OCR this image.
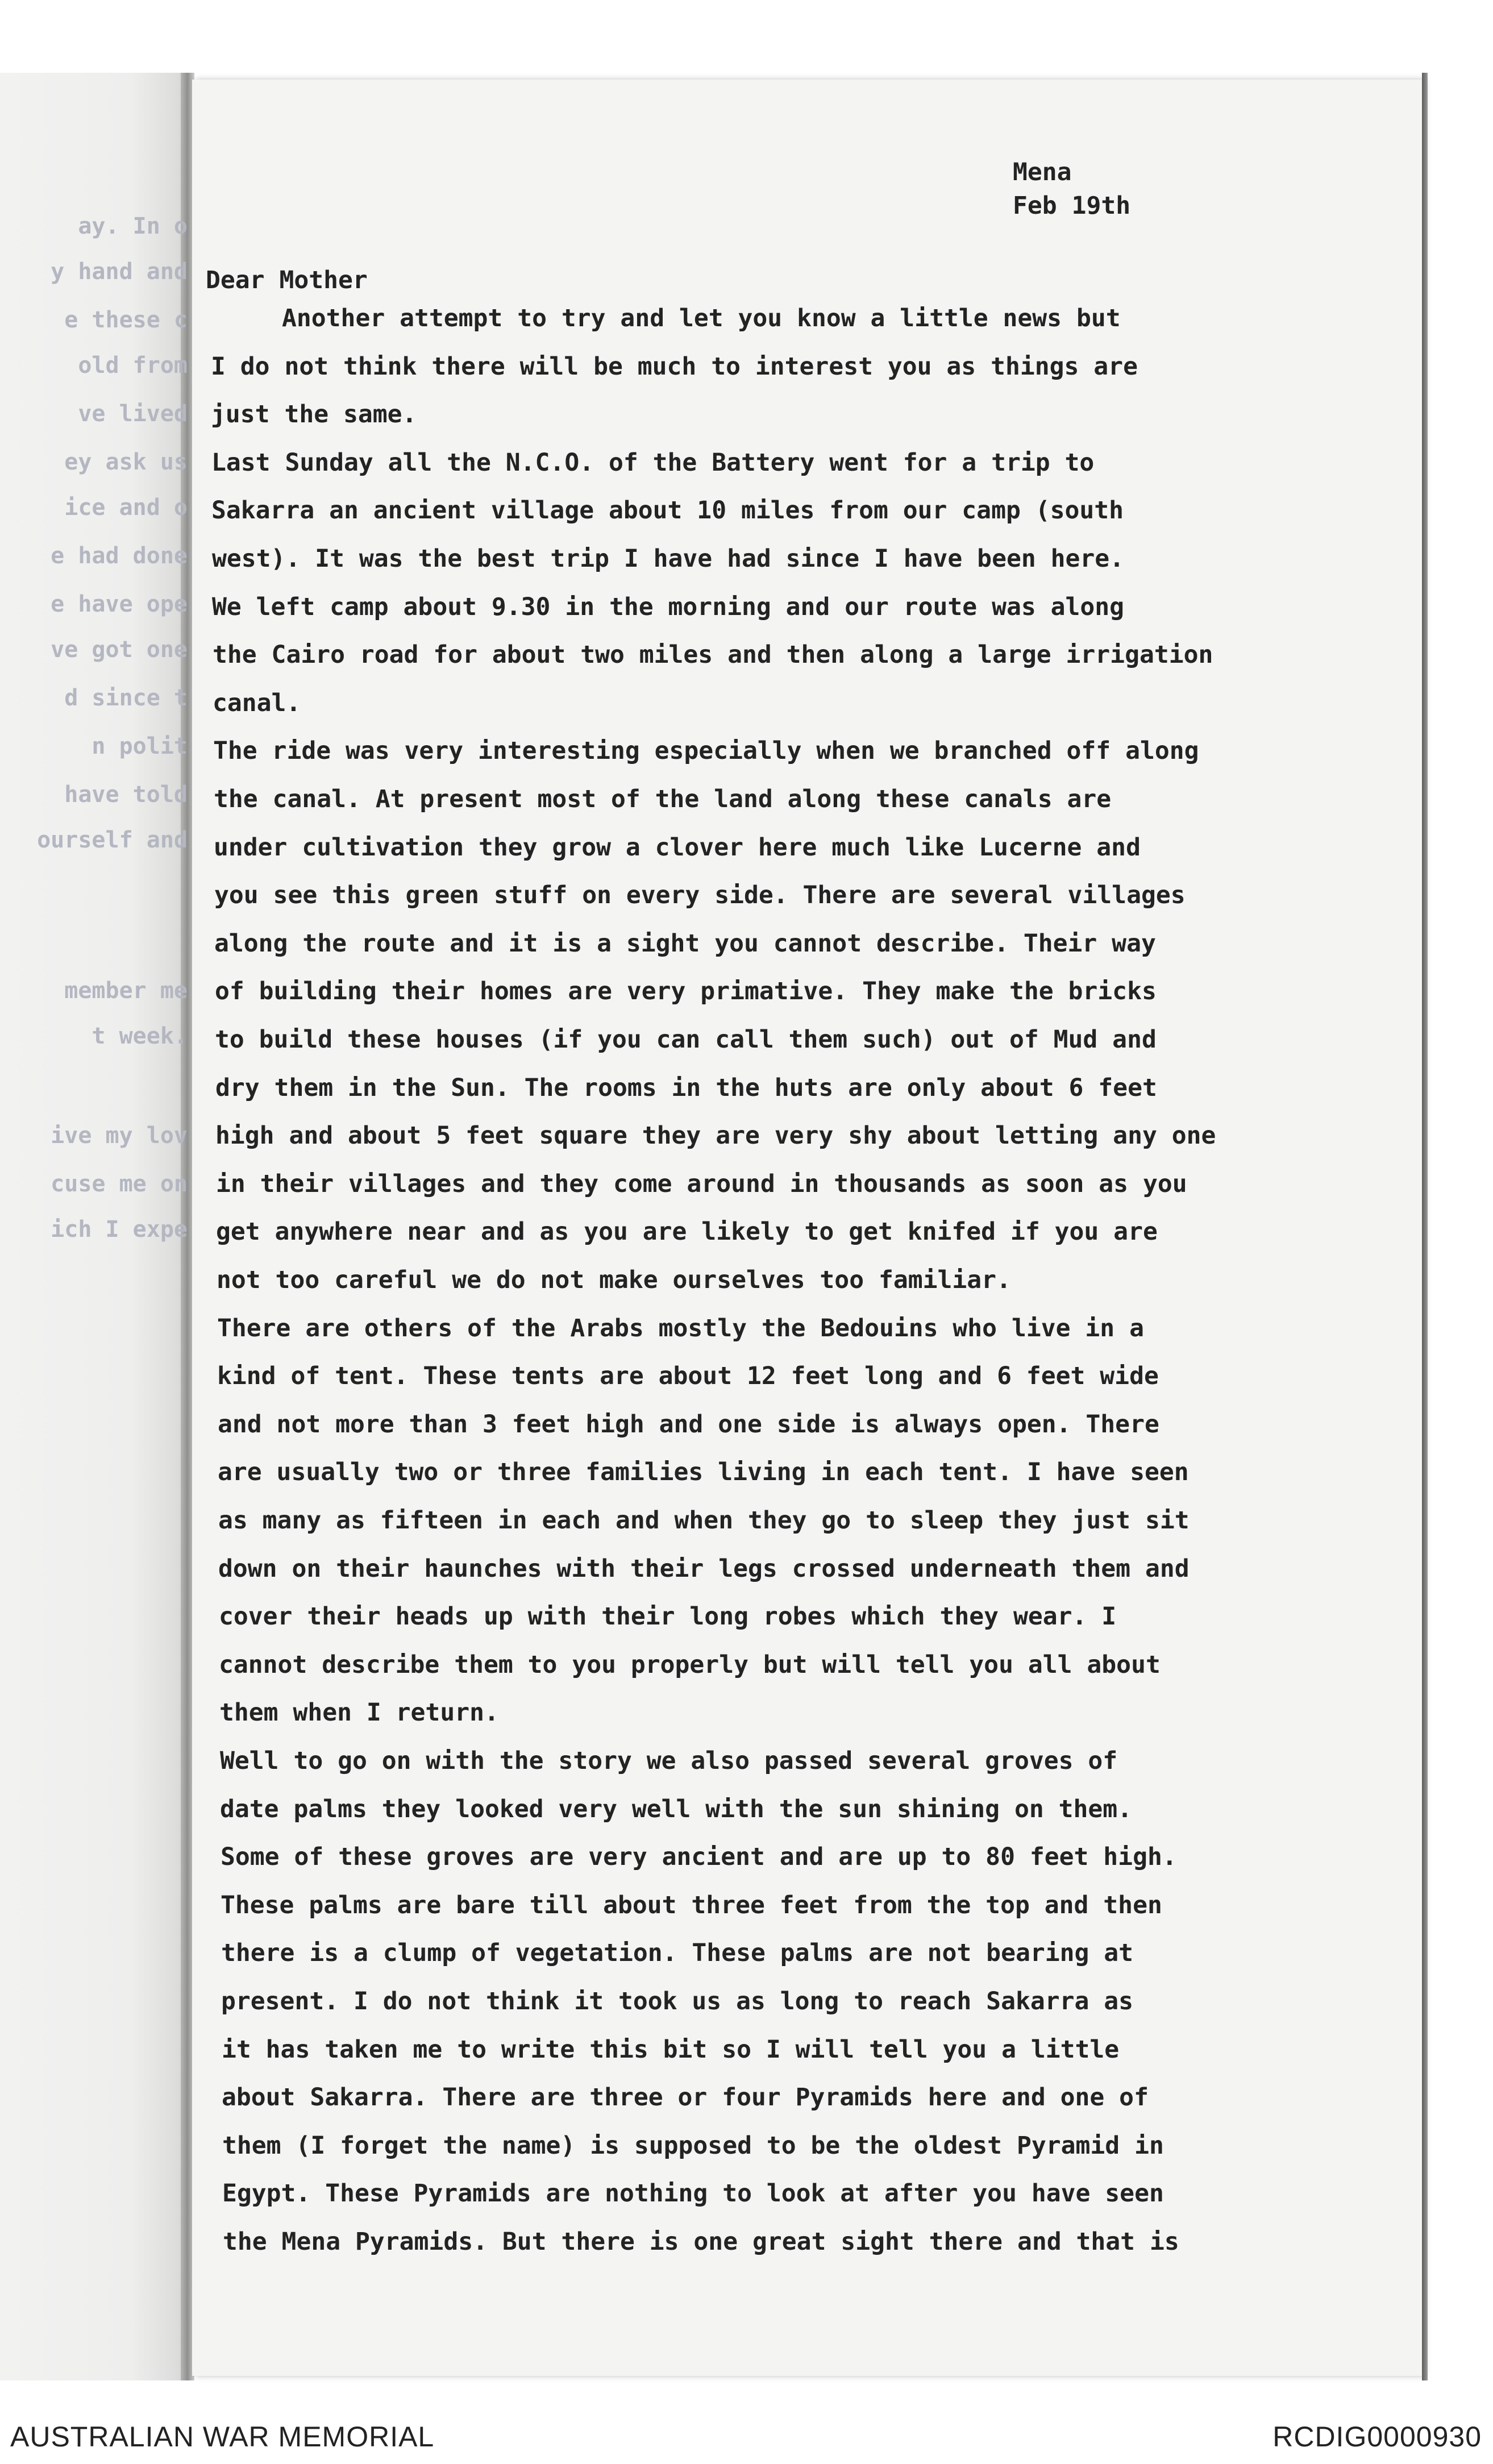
ay. In o
y hand and
e these c
old from
ve lived
ey ask us
ice and o
e had done
e have ope
ve got one
d since t
n polit
have told
ourself and
member me
t week.
ive my lov
cuse me on
ich I expe
Mena
Feb 19th
Dear Mother
Another attempt to try and let you know a little news but
I do not think there will be much to interest you as things are
just the same.
Last Sunday all the N.C.O. of the Battery went for a trip to
Sakarra an ancient village about 10 miles from our camp (south
west). It was the best trip I have had since I have been here.
We left camp about 9.30 in the morning and our route was along
the Cairo road for about two miles and then along a large irrigation
canal.
The ride was very interesting especially when we branched off along
the canal. At present most of the land along these canals are
under cultivation they grow a clover here much like Lucerne and
you see this green stuff on every side. There are several villages
along the route and it is a sight you cannot describe. Their way
of building their homes are very primative. They make the bricks
to build these houses (if you can call them such) out of Mud and
dry them in the Sun. The rooms in the huts are only about 6 feet
high and about 5 feet square they are very shy about letting any one
in their villages and they come around in thousands as soon as you
get anywhere near and as you are likely to get knifed if you are
not too careful we do not make ourselves too familiar.
There are others of the Arabs mostly the Bedouins who live in a
kind of tent. These tents are about 12 feet long and 6 feet wide
and not more than 3 feet high and one side is always open. There
are usually two or three families living in each tent. I have seen
as many as fifteen in each and when they go to sleep they just sit
down on their haunches with their legs crossed underneath them and
cover their heads up with their long robes which they wear. I
cannot describe them to you properly but will tell you all about
them when I return.
Well to go on with the story we also passed several groves of
date palms they looked very well with the sun shining on them.
Some of these groves are very ancient and are up to 80 feet high.
These palms are bare till about three feet from the top and then
there is a clump of vegetation. These palms are not bearing at
present. I do not think it took us as long to reach Sakarra as
it has taken me to write this bit so I will tell you a little
about Sakarra. There are three or four Pyramids here and one of
them (I forget the name) is supposed to be the oldest Pyramid in
Egypt. These Pyramids are nothing to look at after you have seen
the Mena Pyramids. But there is one great sight there and that is
AUSTRALIAN WAR MEMORIAL	RCDIG0000930
